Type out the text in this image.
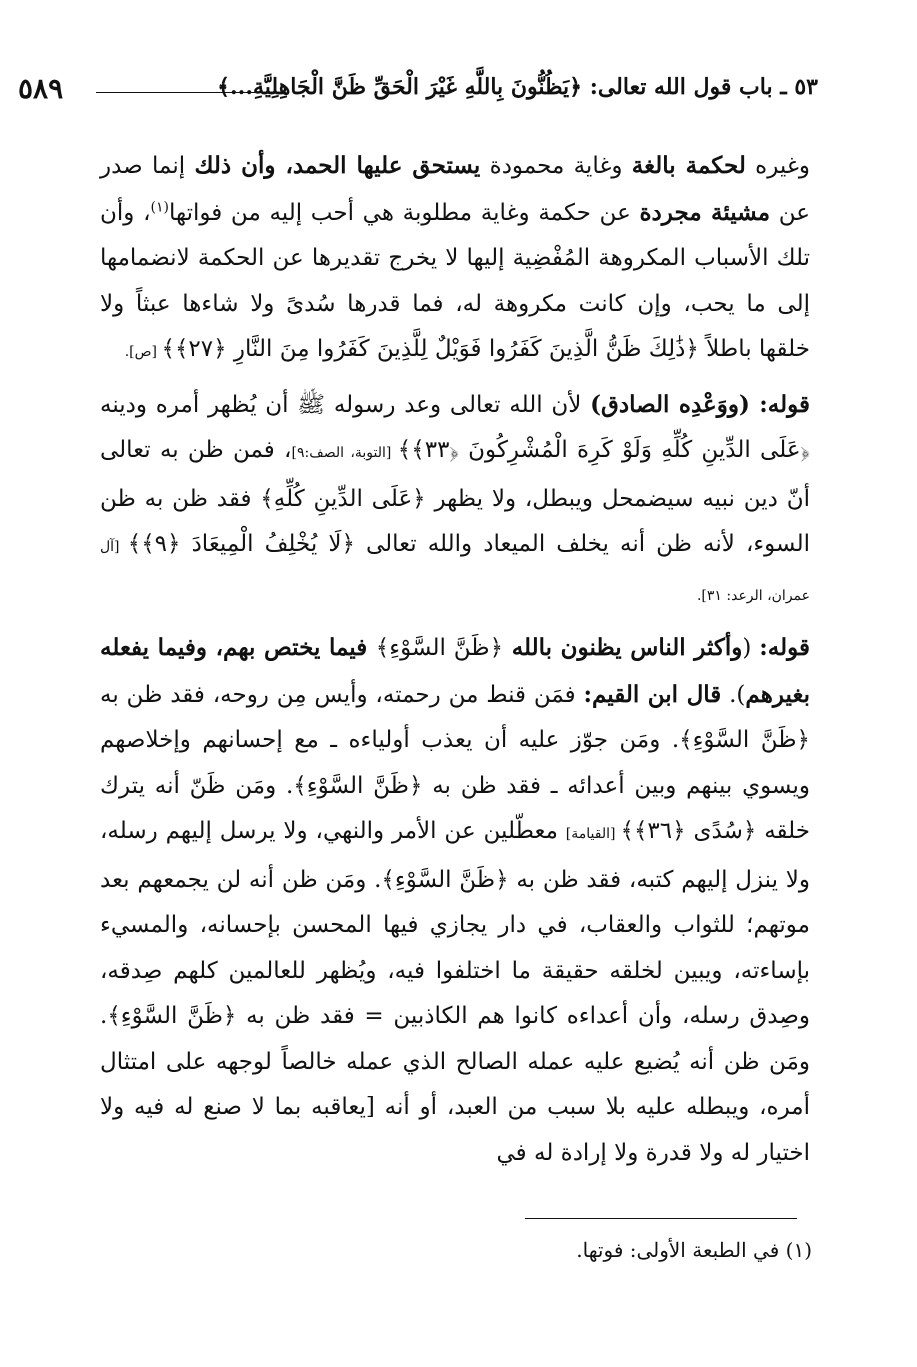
٥٣ ـ باب قول الله تعالى: ﴿يَظُنُّونَ بِاللَّهِ غَيْرَ الْحَقِّ ظَنَّ الْجَاهِلِيَّةِ...﴾
٥٨٩

وغيره لحكمة بالغة وغاية محمودة يستحق عليها الحمد، وأن ذلك إنما صدر عن مشيئة مجردة عن حكمة وغاية مطلوبة هي أحب إليه من فواتها$^{(١)}$، وأن تلك الأسباب المكروهة المُفْضِية إليها لا يخرج تقديرها عن الحكمة لانضمامها إلى ما يحب، وإن كانت مكروهة له، فما قدرها سُدىً ولا شاءها عبثاً ولا خلقها باطلاً ﴿ذَٰلِكَ ظَنُّ الَّذِينَ كَفَرُوا فَوَيْلٌ لِلَّذِينَ كَفَرُوا مِنَ النَّارِ ﴿٢٧﴾﴾ [ص].

قوله: (ووَعْدِه الصادق) لأن الله تعالى وعد رسوله ﷺ أن يُظهر أمره ودينه ﴿عَلَى الدِّينِ كُلِّهِ وَلَوْ كَرِهَ الْمُشْرِكُونَ ﴿٣٣﴾﴾ [التوبة، الصف:٩]، فمن ظن به تعالى أنّ دين نبيه سيضمحل ويبطل، ولا يظهر ﴿عَلَى الدِّينِ كُلِّهِ﴾ فقد ظن به ظن السوء، لأنه ظن أنه يخلف الميعاد والله تعالى ﴿لَا يُخْلِفُ الْمِيعَادَ ﴿٩﴾﴾ [آل عمران، الرعد: ٣١].

قوله: (وأكثر الناس يظنون بالله ﴿ظَنَّ السَّوْءِ﴾ فيما يختص بهم، وفيما يفعله بغيرهم). قال ابن القيم: فمَن قنط من رحمته، وأيس مِن روحه، فقد ظن به ﴿ظَنَّ السَّوْءِ﴾. ومَن جوّز عليه أن يعذب أولياءه ـ مع إحسانهم وإخلاصهم ويسوي بينهم وبين أعدائه ـ فقد ظن به ﴿ظَنَّ السَّوْءِ﴾. ومَن ظَنّ أنه يترك خلقه ﴿سُدًى ﴿٣٦﴾﴾ [القيامة] معطّلين عن الأمر والنهي، ولا يرسل إليهم رسله، ولا ينزل إليهم كتبه، فقد ظن به ﴿ظَنَّ السَّوْءِ﴾. ومَن ظن أنه لن يجمعهم بعد موتهم؛ للثواب والعقاب، في دار يجازي فيها المحسن بإحسانه، والمسيء بإساءته، ويبين لخلقه حقيقة ما اختلفوا فيه، ويُظهر للعالمين كلهم صِدقه، وصِدق رسله، وأن أعداءه كانوا هم الكاذبين = فقد ظن به ﴿ظَنَّ السَّوْءِ﴾. ومَن ظن أنه يُضيع عليه عمله الصالح الذي عمله خالصاً لوجهه على امتثال أمره، ويبطله عليه بلا سبب من العبد، أو أنه [يعاقبه بما لا صنع له فيه ولا اختيار له ولا قدرة ولا إرادة له في

(١) في الطبعة الأولى: فوتها.
